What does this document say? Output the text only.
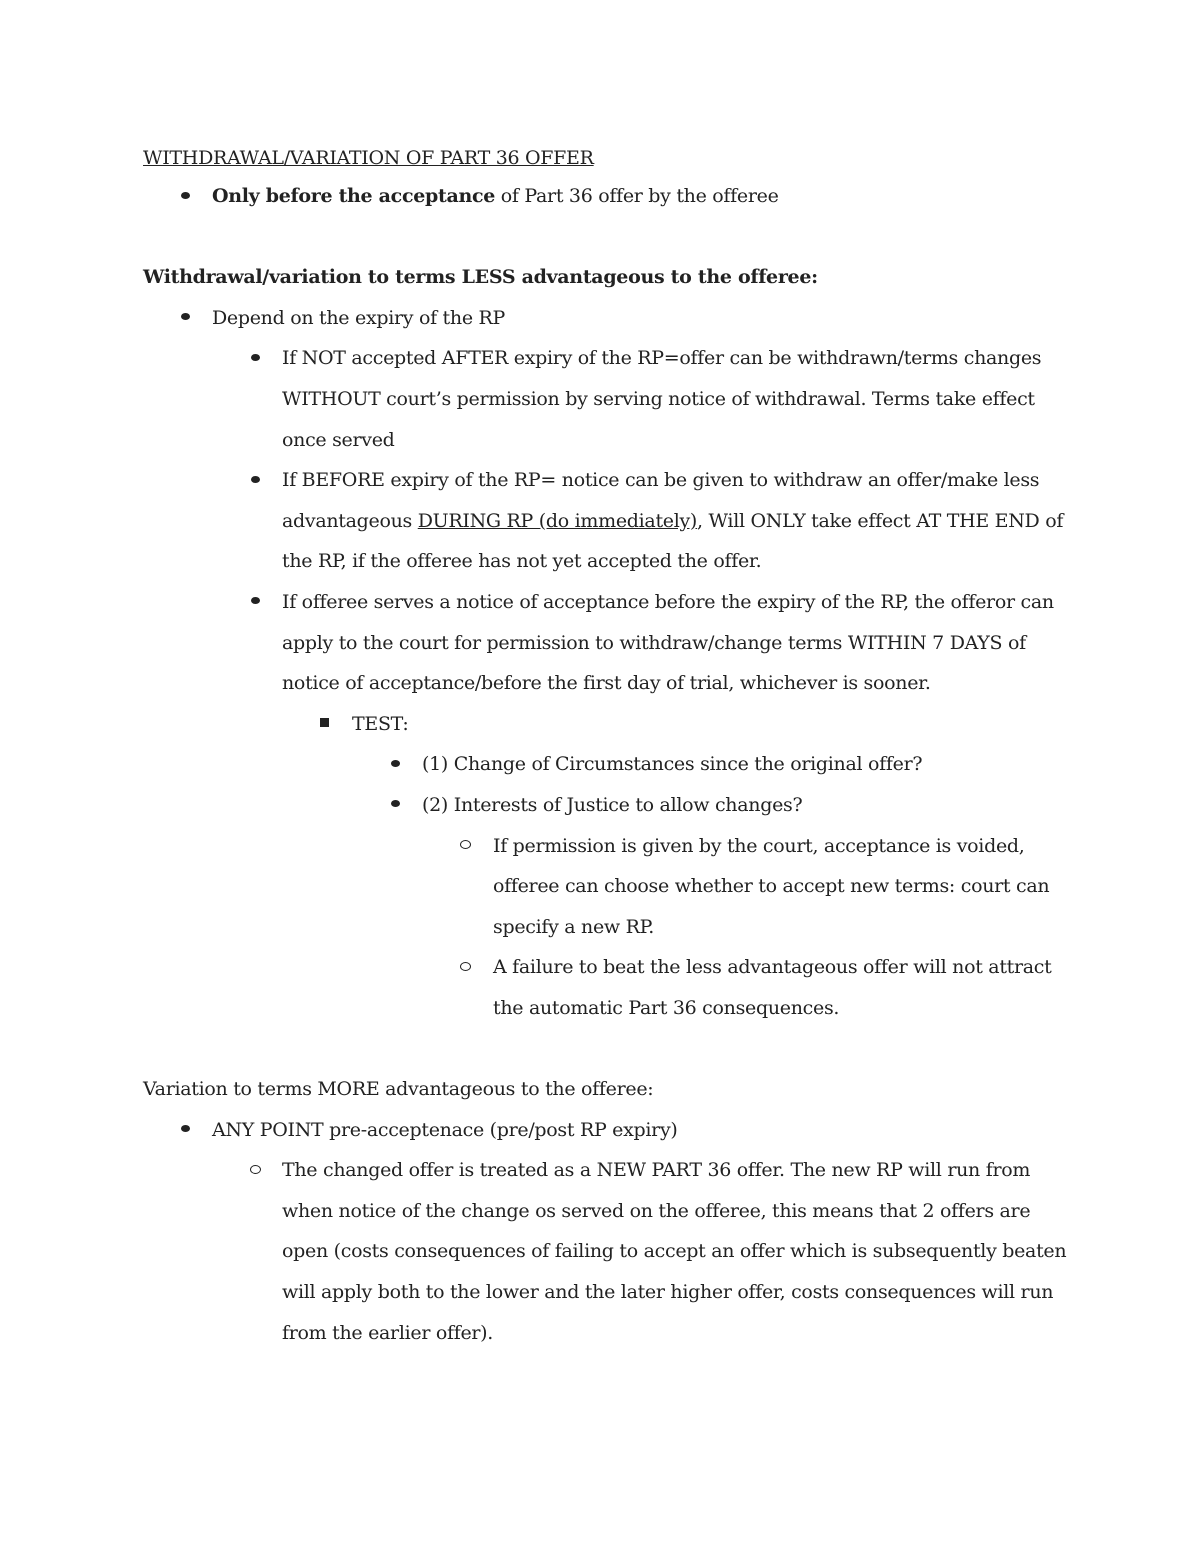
WITHDRAWAL/VARIATION OF PART 36 OFFER

Only before the acceptance of Part 36 offer by the offeree

Withdrawal/variation to terms LESS advantageous to the offeree:

Depend on the expiry of the RP
If NOT accepted AFTER expiry of the RP=offer can be withdrawn/terms changes WITHOUT court’s permission by serving notice of withdrawal. Terms take effect once served
If BEFORE expiry of the RP= notice can be given to withdraw an offer/make less advantageous DURING RP (do immediately), Will ONLY take effect AT THE END of the RP, if the offeree has not yet accepted the offer.
If offeree serves a notice of acceptance before the expiry of the RP, the offeror can apply to the court for permission to withdraw/change terms WITHIN 7 DAYS of notice of acceptance/before the first day of trial, whichever is sooner.
TEST:
(1) Change of Circumstances since the original offer?
(2) Interests of Justice to allow changes?
If permission is given by the court, acceptance is voided, offeree can choose whether to accept new terms: court can specify a new RP.
A failure to beat the less advantageous offer will not attract the automatic Part 36 consequences.

Variation to terms MORE advantageous to the offeree:

ANY POINT pre-acceptenace (pre/post RP expiry)
The changed offer is treated as a NEW PART 36 offer. The new RP will run from when notice of the change os served on the offeree, this means that 2 offers are open (costs consequences of failing to accept an offer which is subsequently beaten will apply both to the lower and the later higher offer, costs consequences will run from the earlier offer).
